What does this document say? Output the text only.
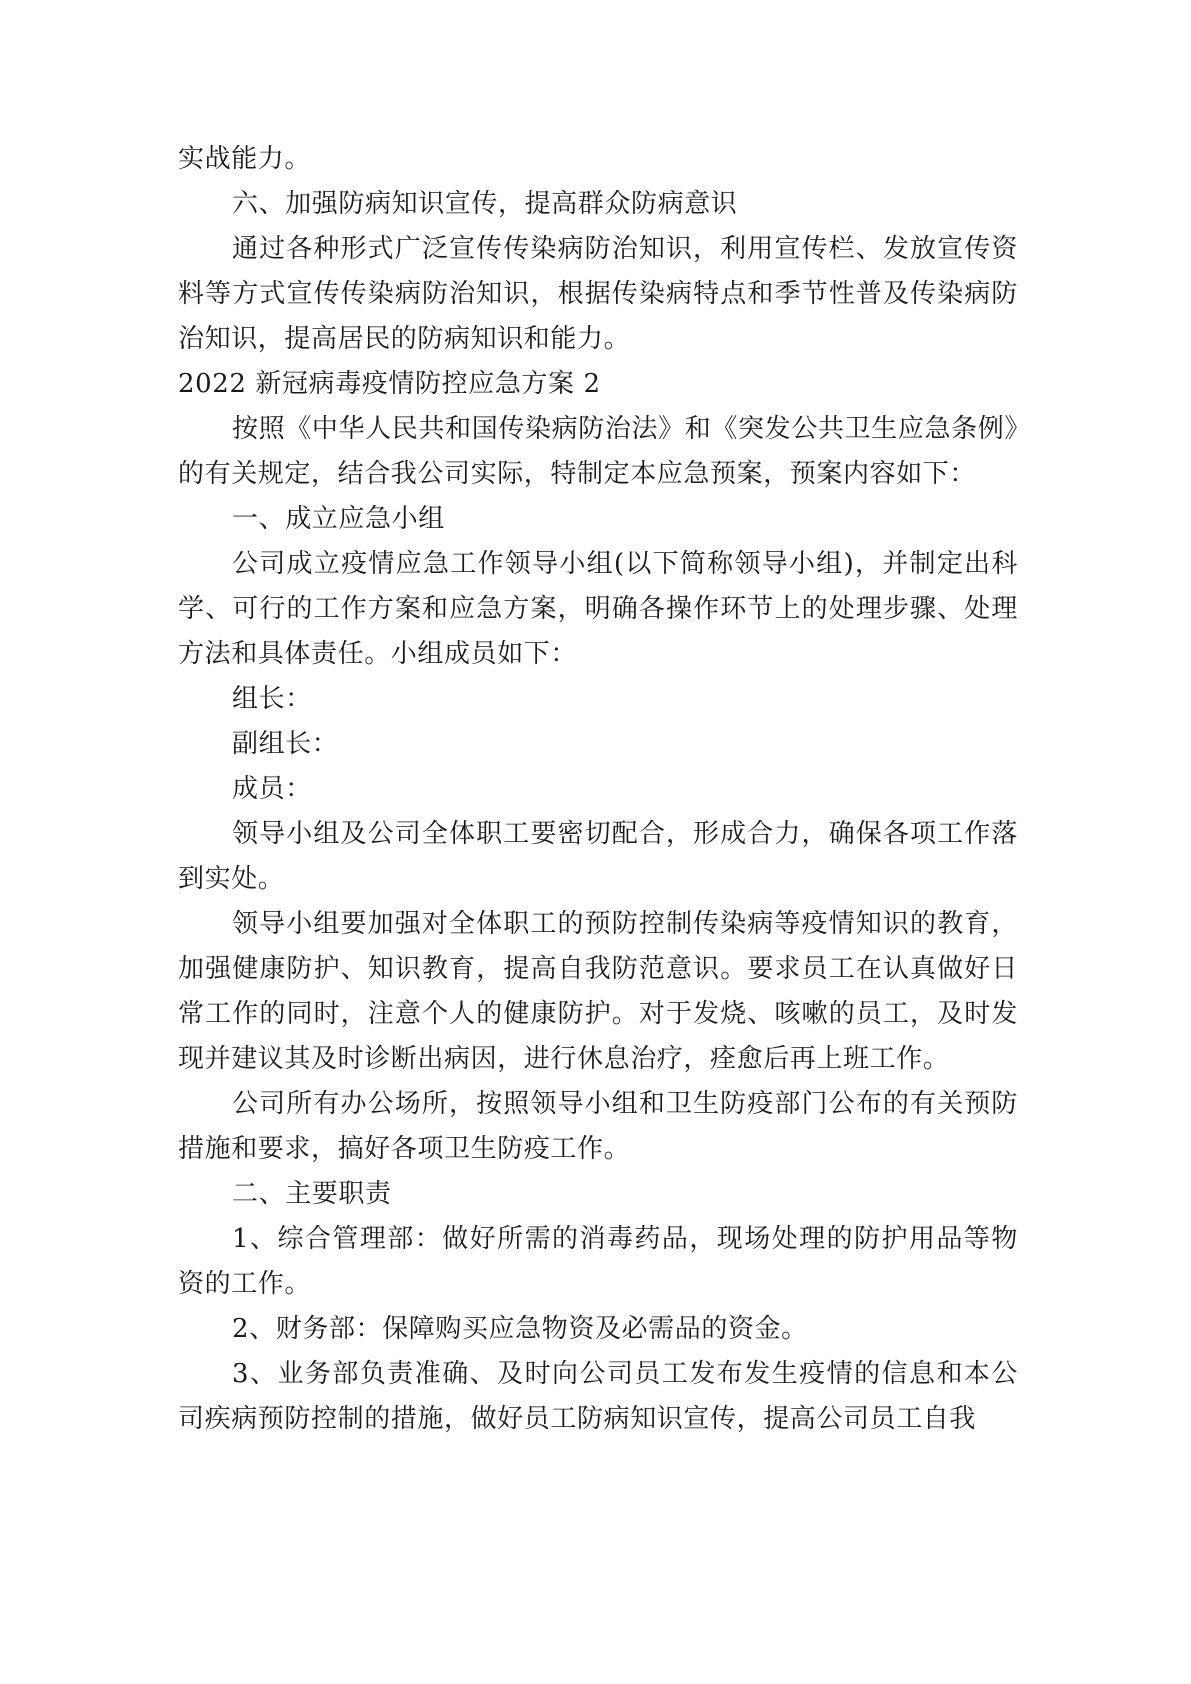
实战能力。

六、加强防病知识宣传，提高群众防病意识

通过各种形式广泛宣传传染病防治知识，利用宣传栏、发放宣传资料等方式宣传传染病防治知识，根据传染病特点和季节性普及传染病防治知识，提高居民的防病知识和能力。

2022 新冠病毒疫情防控应急方案 2

按照《中华人民共和国传染病防治法》和《突发公共卫生应急条例》的有关规定，结合我公司实际，特制定本应急预案，预案内容如下：

一、成立应急小组

公司成立疫情应急工作领导小组(以下简称领导小组)，并制定出科学、可行的工作方案和应急方案，明确各操作环节上的处理步骤、处理方法和具体责任。小组成员如下：

组长：

副组长：

成员：

领导小组及公司全体职工要密切配合，形成合力，确保各项工作落到实处。

领导小组要加强对全体职工的预防控制传染病等疫情知识的教育，加强健康防护、知识教育，提高自我防范意识。要求员工在认真做好日常工作的同时，注意个人的健康防护。对于发烧、咳嗽的员工，及时发现并建议其及时诊断出病因，进行休息治疗，痊愈后再上班工作。

公司所有办公场所，按照领导小组和卫生防疫部门公布的有关预防措施和要求，搞好各项卫生防疫工作。

二、主要职责

1、综合管理部：做好所需的消毒药品，现场处理的防护用品等物资的工作。

2、财务部：保障购买应急物资及必需品的资金。

3、业务部负责准确、及时向公司员工发布发生疫情的信息和本公司疾病预防控制的措施，做好员工防病知识宣传，提高公司员工自我
